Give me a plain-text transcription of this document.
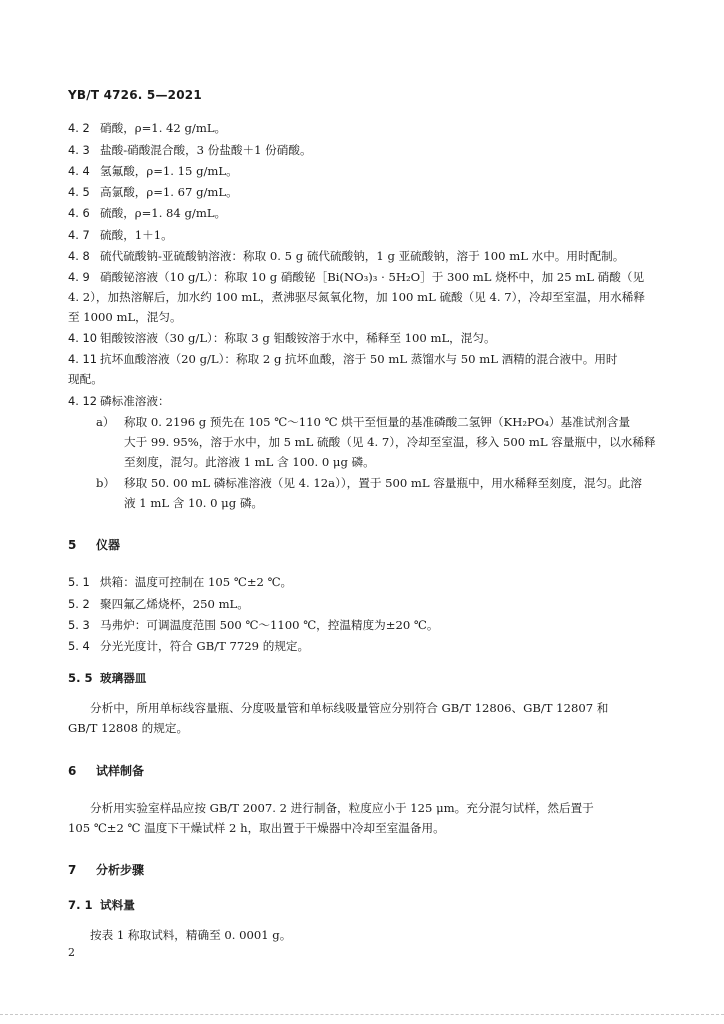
YB/T 4726. 5—2021
4. 2 硝酸，ρ=1. 42 g/mL。
4. 3 盐酸-硝酸混合酸，3 份盐酸＋1 份硝酸。
4. 4 氢氟酸，ρ=1. 15 g/mL。
4. 5 高氯酸，ρ=1. 67 g/mL。
4. 6 硫酸，ρ=1. 84 g/mL。
4. 7 硫酸，1＋1。
4. 8 硫代硫酸钠-亚硫酸钠溶液：称取 0. 5 g 硫代硫酸钠，1 g 亚硫酸钠，溶于 100 mL 水中。用时配制。
4. 9 硝酸铋溶液（10 g/L）：称取 10 g 硝酸铋［Bi(NO₃)₃ · 5H₂O］于 300 mL 烧杯中，加 25 mL 硝酸（见
4. 2），加热溶解后，加水约 100 mL，煮沸驱尽氮氧化物，加 100 mL 硫酸（见 4. 7），冷却至室温，用水稀释
至 1000 mL，混匀。
4. 10 钼酸铵溶液（30 g/L）：称取 3 g 钼酸铵溶于水中，稀释至 100 mL，混匀。
4. 11 抗坏血酸溶液（20 g/L）：称取 2 g 抗坏血酸，溶于 50 mL 蒸馏水与 50 mL 酒精的混合液中。用时
现配。
4. 12 磷标准溶液：
a） 称取 0. 2196 g 预先在 105 ℃～110 ℃ 烘干至恒量的基准磷酸二氢钾（KH₂PO₄）基准试剂含量
大于 99. 95%，溶于水中，加 5 mL 硫酸（见 4. 7），冷却至室温，移入 500 mL 容量瓶中，以水稀释
至刻度，混匀。此溶液 1 mL 含 100. 0 μg 磷。
b） 移取 50. 00 mL 磷标准溶液（见 4. 12a）），置于 500 mL 容量瓶中，用水稀释至刻度，混匀。此溶
液 1 mL 含 10. 0 μg 磷。
5 仪器
5. 1 烘箱：温度可控制在 105 ℃±2 ℃。
5. 2 聚四氟乙烯烧杯，250 mL。
5. 3 马弗炉：可调温度范围 500 ℃～1100 ℃，控温精度为±20 ℃。
5. 4 分光光度计，符合 GB/T 7729 的规定。
5. 5 玻璃器皿
分析中，所用单标线容量瓶、分度吸量管和单标线吸量管应分别符合 GB/T 12806、GB/T 12807 和
GB/T 12808 的规定。
6 试样制备
分析用实验室样品应按 GB/T 2007. 2 进行制备，粒度应小于 125 μm。充分混匀试样，然后置于
105 ℃±2 ℃ 温度下干燥试样 2 h，取出置于干燥器中冷却至室温备用。
7 分析步骤
7. 1 试料量
按表 1 称取试料，精确至 0. 0001 g。
2
